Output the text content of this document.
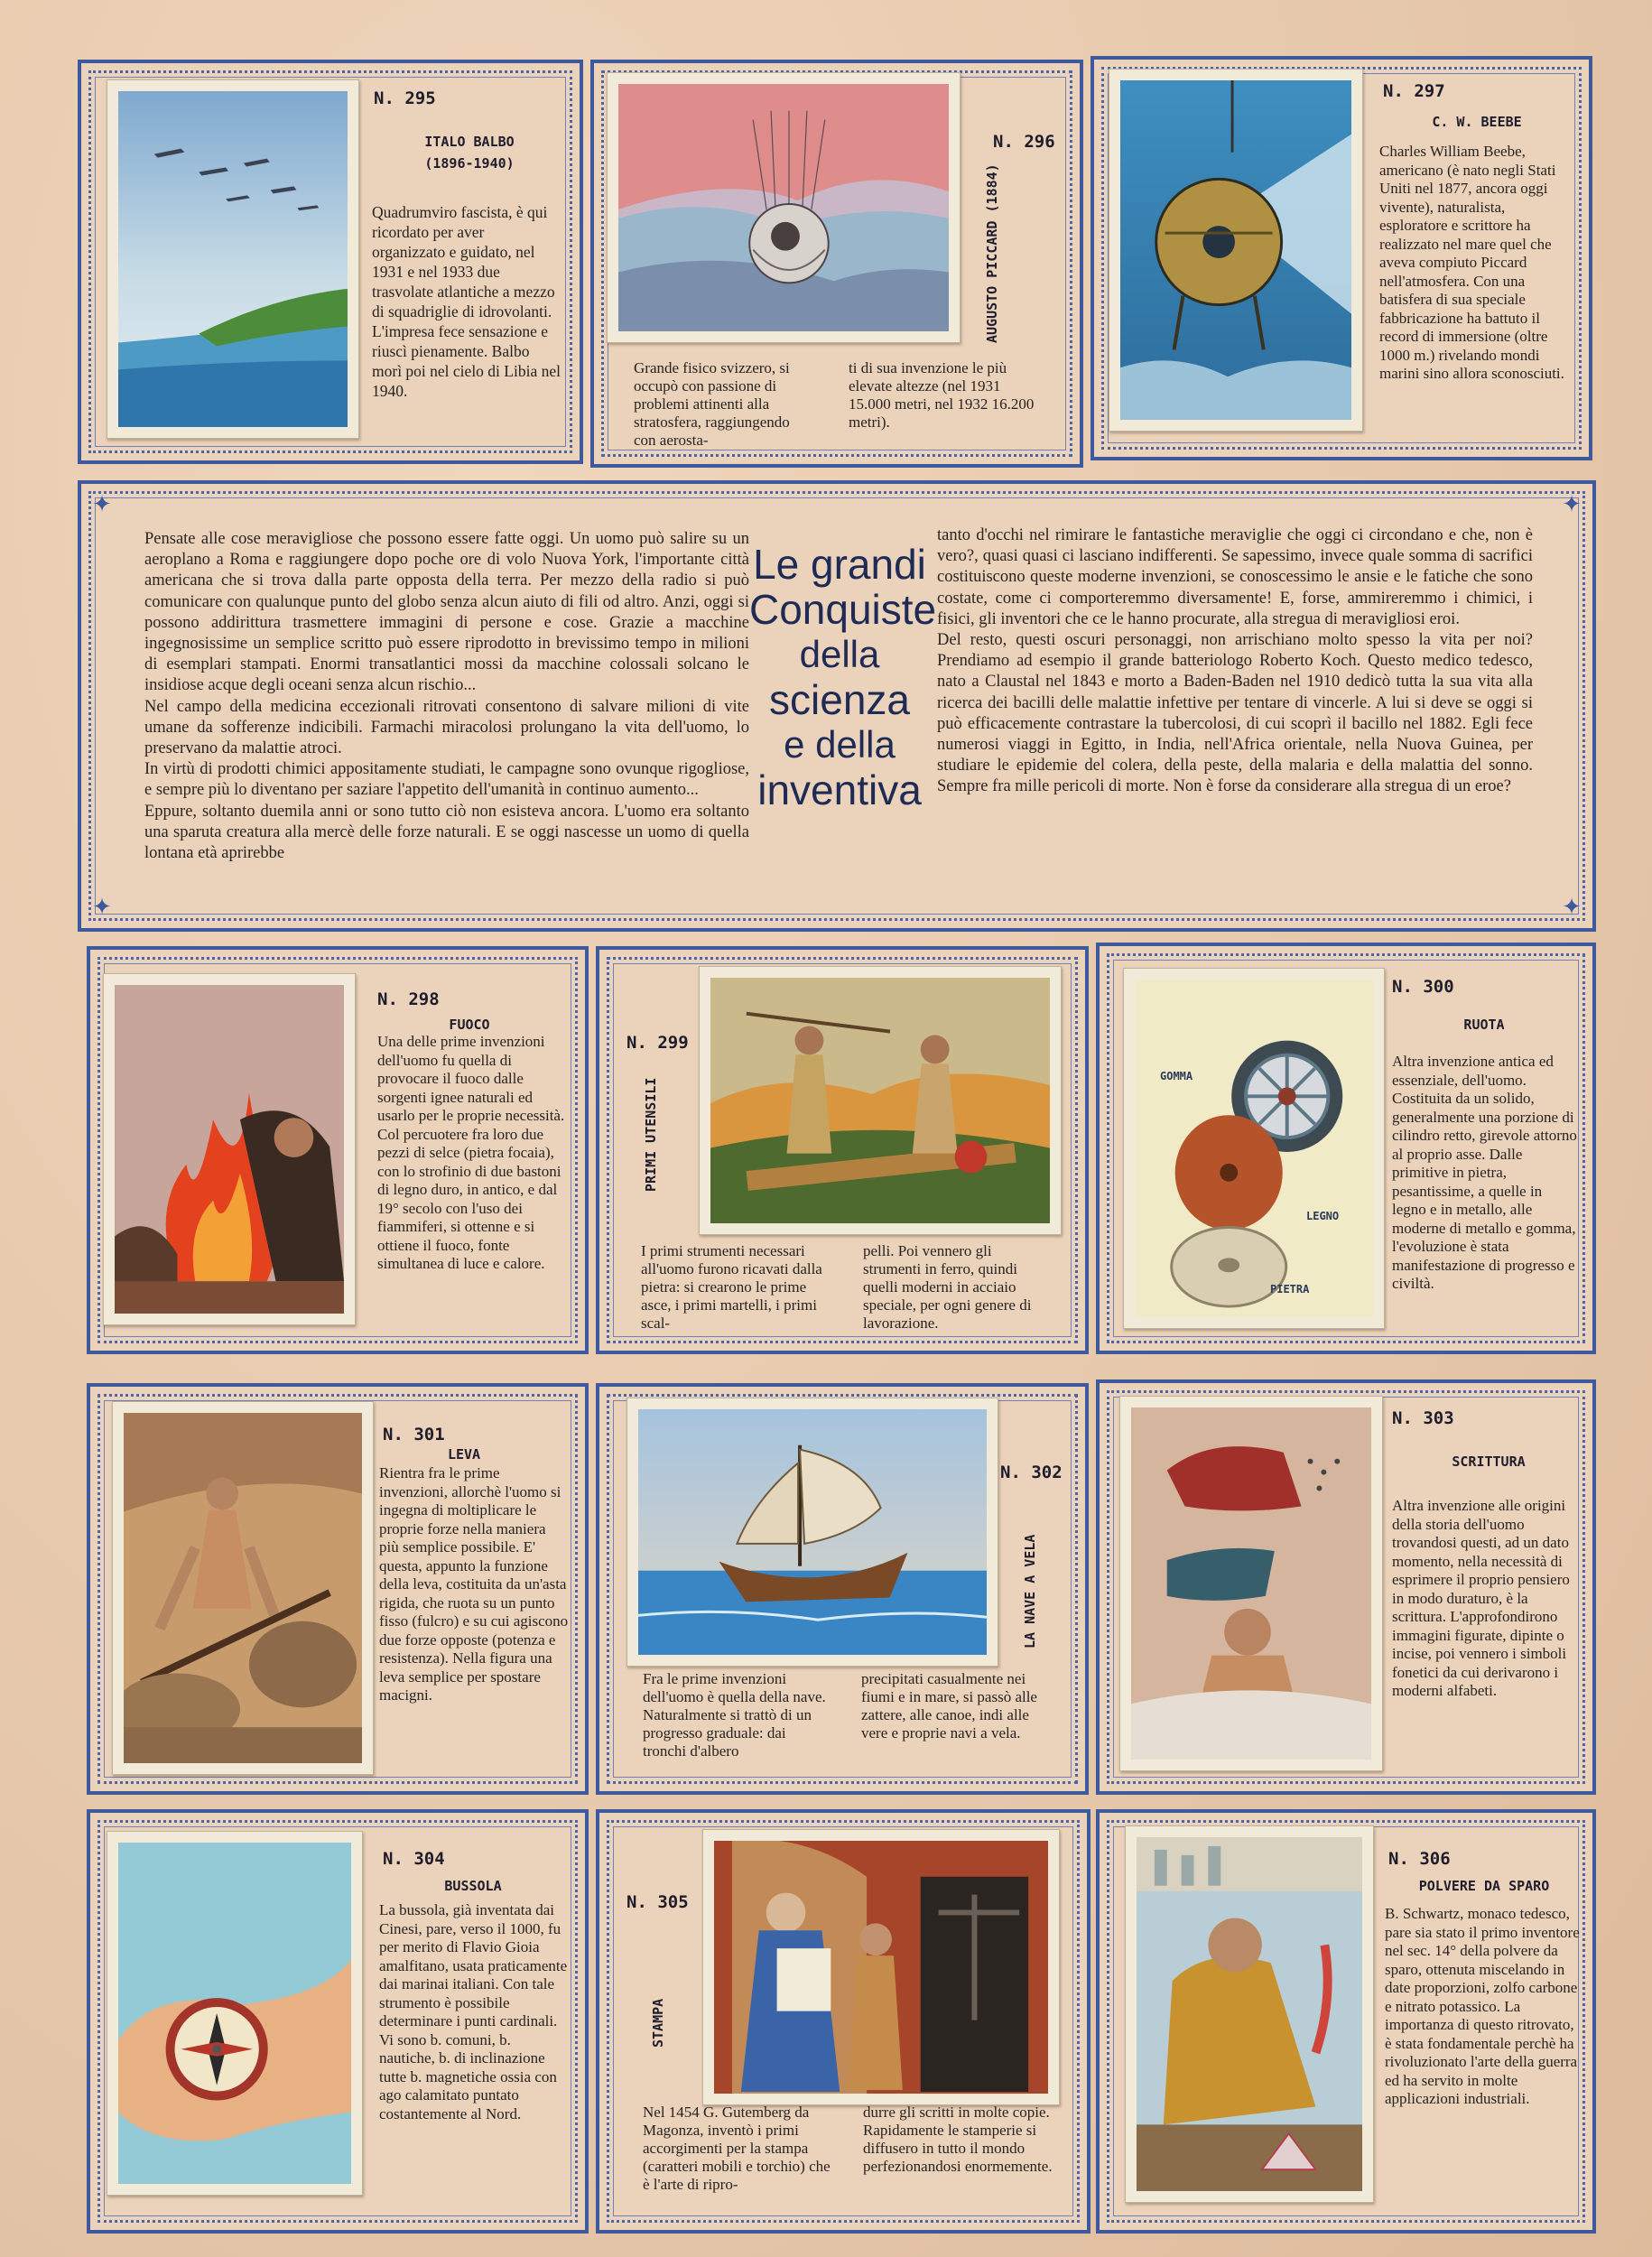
N. 295
ITALO BALBO
(1896-1940)
Quadrumviro fascista, è qui ricordato per aver organizzato e guidato, nel 1931 e nel 1933 due trasvolate atlantiche a mezzo di squadriglie di idrovolanti. L'impresa fece sensazione e riuscì pienamente. Balbo morì poi nel cielo di Libia nel 1940.
N. 296
AUGUSTO PICCARD (1884)
Grande fisico svizzero, si occupò con passione di problemi attinenti alla stratosfera, raggiungendo con aerosta-
ti di sua invenzione le più elevate altezze (nel 1931 15.000 metri, nel 1932 16.200 metri).
N. 297
C. W. BEEBE
Charles William Beebe, americano (è nato negli Stati Uniti nel 1877, ancora oggi vivente), naturalista, esploratore e scrittore ha realizzato nel mare quel che aveva compiuto Piccard nell'atmosfera. Con una batisfera di sua speciale fabbricazione ha battuto il record di immersione (oltre 1000 m.) rivelando mondi marini sino allora sconosciuti.
✦	✦
✦	✦
Pensate alle cose meravigliose che possono essere fatte oggi. Un uomo può salire su un aeroplano a Roma e raggiungere dopo poche ore di volo Nuova York, l'importante città americana che si trova dalla parte opposta della terra. Per mezzo della radio si può comunicare con qualunque punto del globo senza alcun aiuto di fili od altro. Anzi, oggi si possono addirittura trasmettere immagini di persone e cose. Grazie a macchine ingegnosissime un semplice scritto può essere riprodotto in brevissimo tempo in milioni di esemplari stampati. Enormi transatlantici mossi da macchine colossali solcano le insidiose acque degli oceani senza alcun rischio...
Nel campo della medicina eccezionali ritrovati consentono di salvare milioni di vite umane da sofferenze indicibili. Farmachi miracolosi prolungano la vita dell'uomo, lo preservano da malattie atroci.
In virtù di prodotti chimici appositamente studiati, le campagne sono ovunque rigogliose, e sempre più lo diventano per saziare l'appetito dell'umanità in continuo aumento...
Eppure, soltanto duemila anni or sono tutto ciò non esisteva ancora. L'uomo era soltanto una sparuta creatura alla mercè delle forze naturali. E se oggi nascesse un uomo di quella lontana età aprirebbe
Le grandi
Conquiste
della
scienza
e della
inventiva
tanto d'occhi nel rimirare le fantastiche meraviglie che oggi ci circondano e che, non è vero?, quasi quasi ci lasciano indifferenti. Se sapessimo, invece quale somma di sacrifici costituiscono queste moderne invenzioni, se conoscessimo le ansie e le fatiche che sono costate, come ci comporteremmo diversamente! E, forse, ammireremmo i chimici, i fisici, gli inventori che ce le hanno procurate, alla stregua di meravigliosi eroi.
Del resto, questi oscuri personaggi, non arrischiano molto spesso la vita per noi? Prendiamo ad esempio il grande batteriologo Roberto Koch. Questo medico tedesco, nato a Claustal nel 1843 e morto a Baden-Baden nel 1910 dedicò tutta la sua vita alla ricerca dei bacilli delle malattie infettive per tentare di vincerle. A lui si deve se oggi si può efficacemente contrastare la tubercolosi, di cui scoprì il bacillo nel 1882. Egli fece numerosi viaggi in Egitto, in India, nell'Africa orientale, nella Nuova Guinea, per studiare le epidemie del colera, della peste, della malaria e della malattia del sonno. Sempre fra mille pericoli di morte. Non è forse da considerare alla stregua di un eroe?
N. 298
FUOCO
Una delle prime invenzioni dell'uomo fu quella di provocare il fuoco dalle sorgenti ignee naturali ed usarlo per le proprie necessità. Col percuotere fra loro due pezzi di selce (pietra focaia), con lo strofinio di due bastoni di legno duro, in antico, e dal 19° secolo con l'uso dei fiammiferi, si ottenne e si ottiene il fuoco, fonte simultanea di luce e calore.
N. 299
PRIMI UTENSILI
I primi strumenti necessari all'uomo furono ricavati dalla pietra: si crearono le prime asce, i primi martelli, i primi scal-
pelli. Poi vennero gli strumenti in ferro, quindi quelli moderni in acciaio speciale, per ogni genere di lavorazione.
GOMMA
LEGNO
PIETRA
N. 300
RUOTA
Altra invenzione antica ed essenziale, dell'uomo. Costituita da un solido, generalmente una porzione di cilindro retto, girevole attorno al proprio asse. Dalle primitive in pietra, pesantissime, a quelle in legno e in metallo, alle moderne di metallo e gomma, l'evoluzione è stata manifestazione di progresso e civiltà.
N. 301
LEVA
Rientra fra le prime invenzioni, allorchè l'uomo si ingegna di moltiplicare le proprie forze nella maniera più semplice possibile. E' questa, appunto la funzione della leva, costituita da un'asta rigida, che ruota su un punto fisso (fulcro) e su cui agiscono due forze opposte (potenza e resistenza). Nella figura una leva semplice per spostare macigni.
N. 302
LA NAVE A VELA
Fra le prime invenzioni dell'uomo è quella della nave. Naturalmente si trattò di un progresso graduale: dai tronchi d'albero
precipitati casualmente nei fiumi e in mare, si passò alle zattere, alle canoe, indi alle vere e proprie navi a vela.
N. 303
SCRITTURA
Altra invenzione alle origini della storia dell'uomo trovandosi questi, ad un dato momento, nella necessità di esprimere il proprio pensiero in modo duraturo, è la scrittura. L'approfondirono immagini figurate, dipinte o incise, poi vennero i simboli fonetici da cui derivarono i moderni alfabeti.
N. 304
BUSSOLA
La bussola, già inventata dai Cinesi, pare, verso il 1000, fu per merito di Flavio Gioia amalfitano, usata praticamente dai marinai italiani. Con tale strumento è possibile determinare i punti cardinali. Vi sono b. comuni, b. nautiche, b. di inclinazione tutte b. magnetiche ossia con ago calamitato puntato costantemente al Nord.
N. 305
STAMPA
Nel 1454 G. Gutemberg da Magonza, inventò i primi accorgimenti per la stampa (caratteri mobili e torchio) che è l'arte di ripro-
durre gli scritti in molte copie. Rapidamente le stamperie si diffusero in tutto il mondo perfezionandosi enormemente.
N. 306
POLVERE DA SPARO
B. Schwartz, monaco tedesco, pare sia stato il primo inventore nel sec. 14° della polvere da sparo, ottenuta miscelando in date proporzioni, zolfo carbone e nitrato potassico. La importanza di questo ritrovato, è stata fondamentale perchè ha rivoluzionato l'arte della guerra ed ha servito in molte applicazioni industriali.
